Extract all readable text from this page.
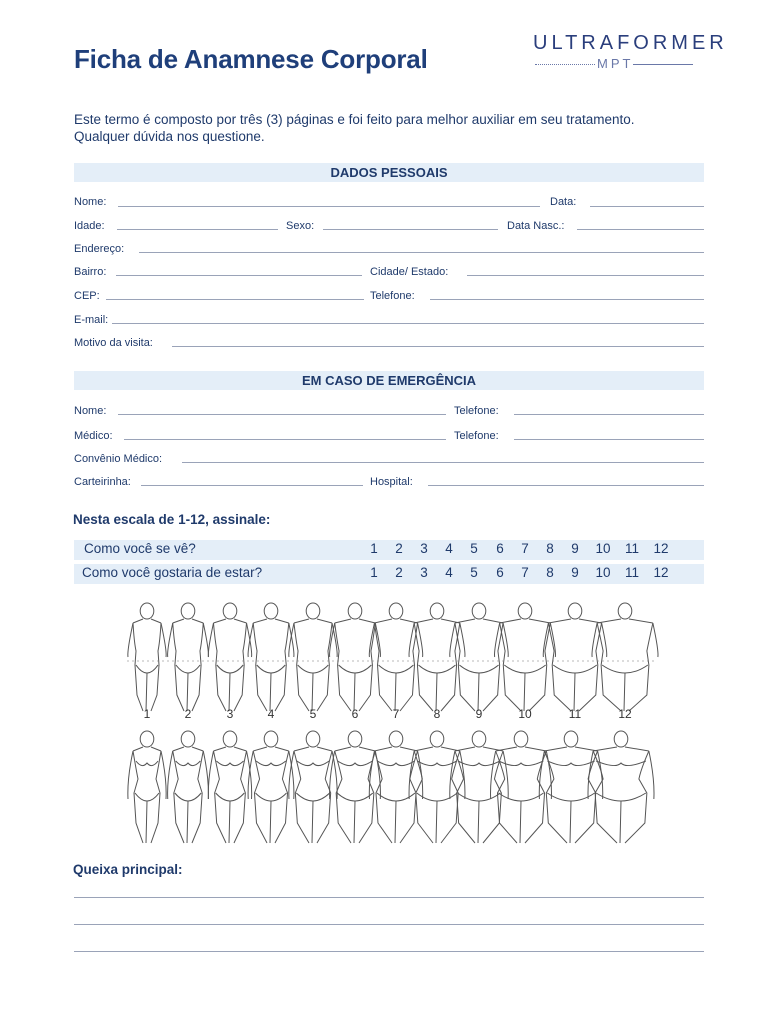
Ficha de Anamnese Corporal
ULTRAFORMER
MPT
Este termo é composto por três (3) páginas e foi feito para melhor auxiliar em seu tratamento.
Qualquer dúvida nos questione.
DADOS PESSOAIS
Nome:	Data:
Idade:	Sexo:	Data Nasc.:
Endereço:
Bairro:	Cidade/ Estado:
CEP:	Telefone:
E-mail:
Motivo da visita:
EM CASO DE EMERGÊNCIA
Nome:	Telefone:
Médico:	Telefone:
Convênio Médico:
Carteirinha:	Hospital:
Nesta escala de 1-12, assinale:
Como você se vê?	1	2	3	4	5	6	7	8	9	10 11 12
Como você gostaria de estar?	1	2	3	4	5	6	7	8	9	10 11 12
1	2	3	4	5	6	7	8	9	10	11	12
Queixa principal:
